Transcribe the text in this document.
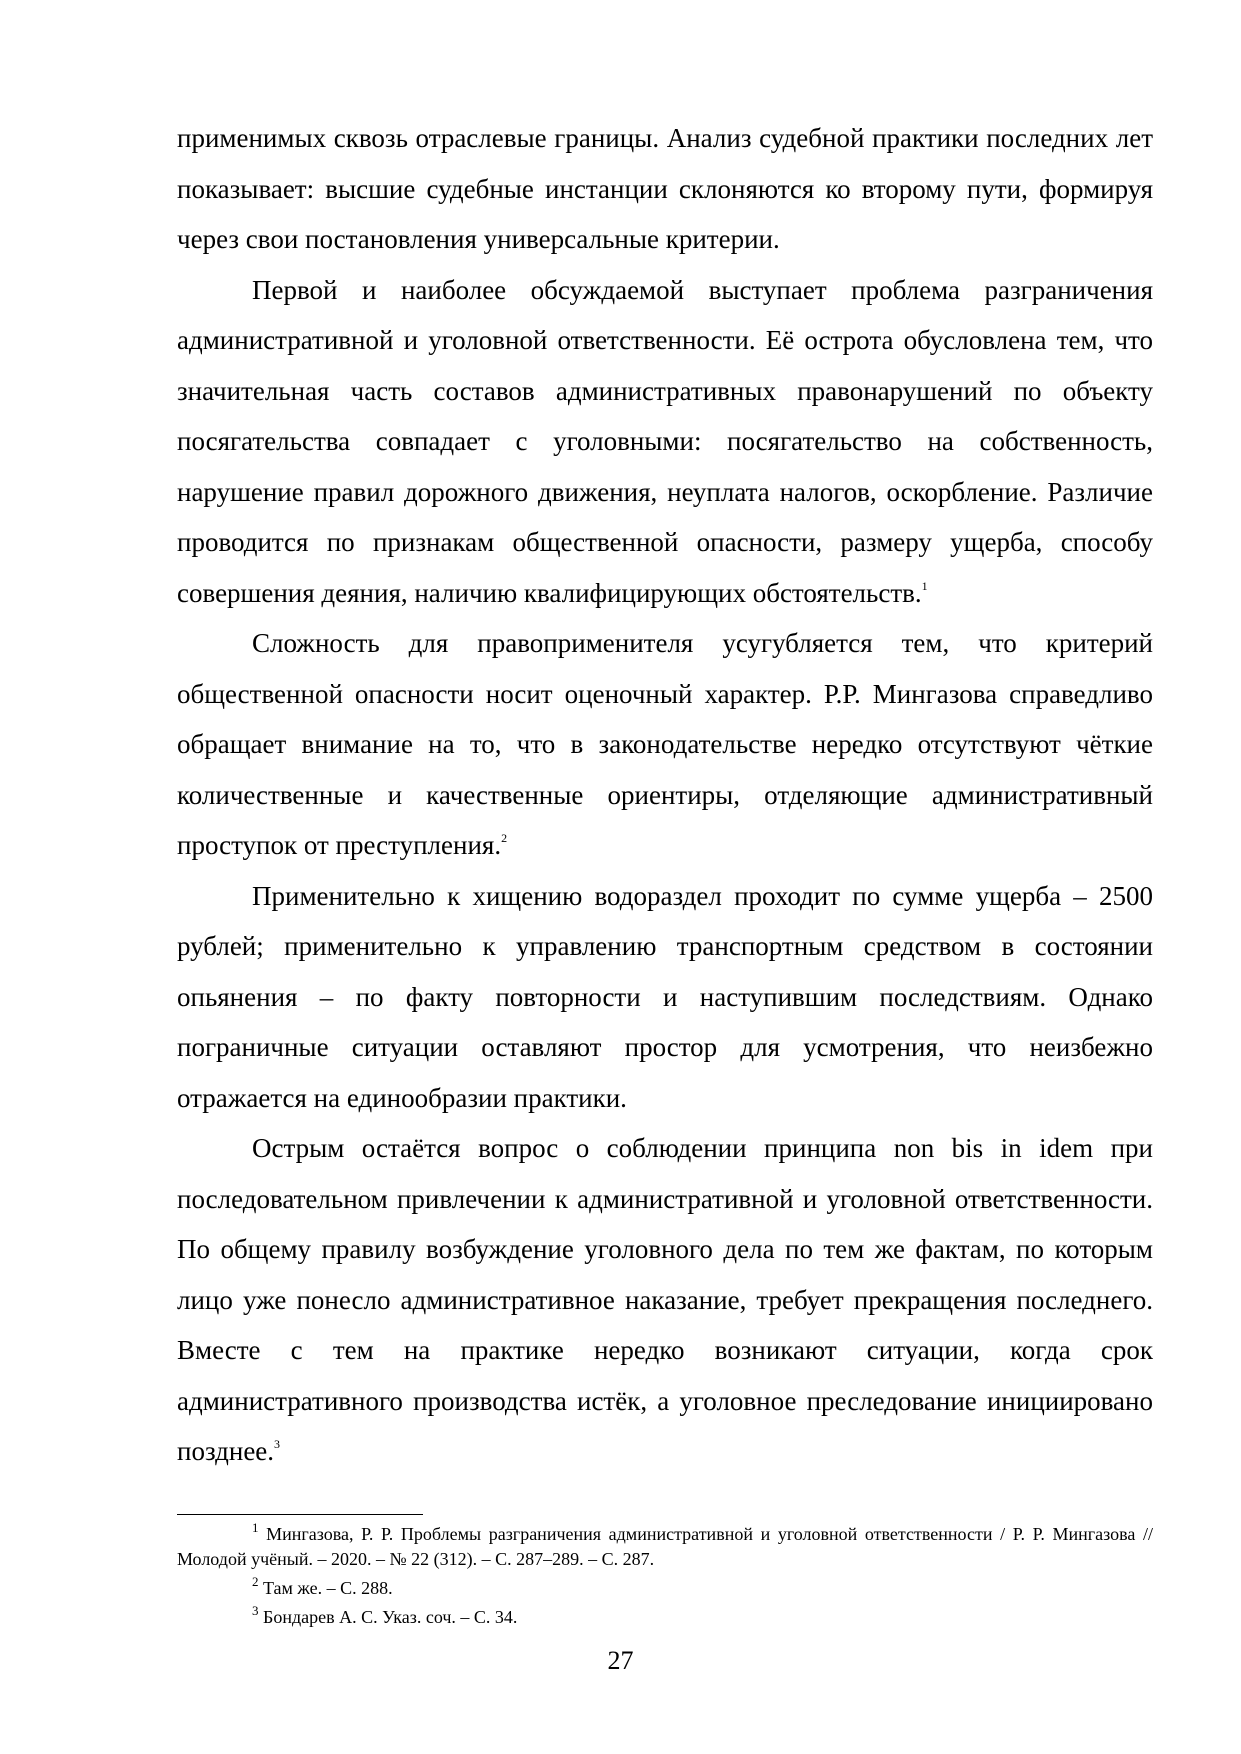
применимых сквозь отраслевые границы. Анализ судебной практики последних лет показывает: высшие судебные инстанции склоняются ко второму пути, формируя через свои постановления универсальные критерии.

Первой и наиболее обсуждаемой выступает проблема разграничения административной и уголовной ответственности. Её острота обусловлена тем, что значительная часть составов административных правонарушений по объекту посягательства совпадает с уголовными: посягательство на собственность, нарушение правил дорожного движения, неуплата налогов, оскорбление. Различие проводится по признакам общественной опасности, размеру ущерба, способу совершения деяния, наличию квалифицирующих обстоятельств.$^1$

Сложность для правоприменителя усугубляется тем, что критерий общественной опасности носит оценочный характер. Р.Р. Мингазова справедливо обращает внимание на то, что в законодательстве нередко отсутствуют чёткие количественные и качественные ориентиры, отделяющие административный проступок от преступления.$^2$

Применительно к хищению водораздел проходит по сумме ущерба – 2500 рублей; применительно к управлению транспортным средством в состоянии опьянения – по факту повторности и наступившим последствиям. Однако пограничные ситуации оставляют простор для усмотрения, что неизбежно отражается на единообразии практики.

Острым остаётся вопрос о соблюдении принципа non bis in idem при последовательном привлечении к административной и уголовной ответственности. По общему правилу возбуждение уголовного дела по тем же фактам, по которым лицо уже понесло административное наказание, требует прекращения последнего. Вместе с тем на практике нередко возникают ситуации, когда срок административного производства истёк, а уголовное преследование инициировано позднее.$^3$

$^1$ Мингазова, Р. Р. Проблемы разграничения административной и уголовной ответственности / Р. Р. Мингазова // Молодой учёный. – 2020. – № 22 (312). – С. 287–289. – С. 287.

$^2$ Там же. – С. 288.

$^3$ Бондарев А. С. Указ. соч. – С. 34.

27
